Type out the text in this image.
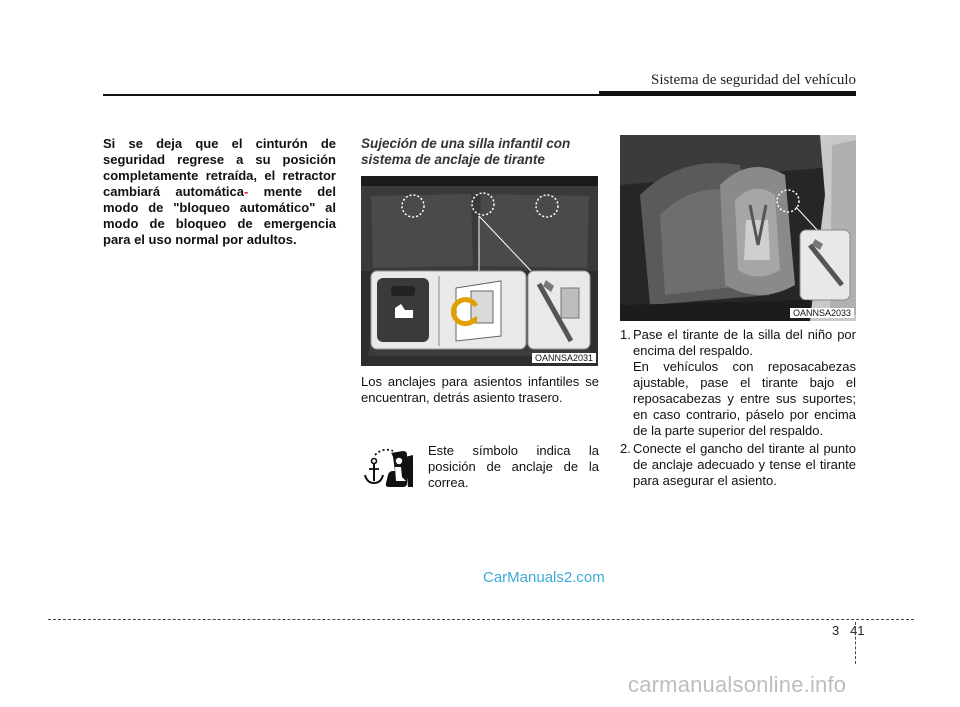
Sistema de seguridad del vehículo
Si se deja que el cinturón de seguridad regrese a su posición completamente retraída, el retractor cambiará automática- mente del modo de "bloqueo automático" al modo de bloqueo de emergencia para el uso normal por adultos.
Sujeción de una silla infantil con sistema de anclaje de tirante
OANNSA2031
Los anclajes para asientos infantiles se encuentran, detrás asiento trasero.
Este símbolo indica la posición de anclaje de la correa.
OANNSA2033
1. Pase el tirante de la silla del niño por encima del respaldo.

En vehículos con reposacabezas ajustable, pase el tirante bajo el reposacabezas y entre sus suportes; en caso contrario, páselo por encima de la parte superior del respaldo.

2. Conecte el gancho del tirante al punto de anclaje adecuado y tense el tirante para asegurar el asiento.

CarManuals2.com
3 41
carmanualsonline.info
